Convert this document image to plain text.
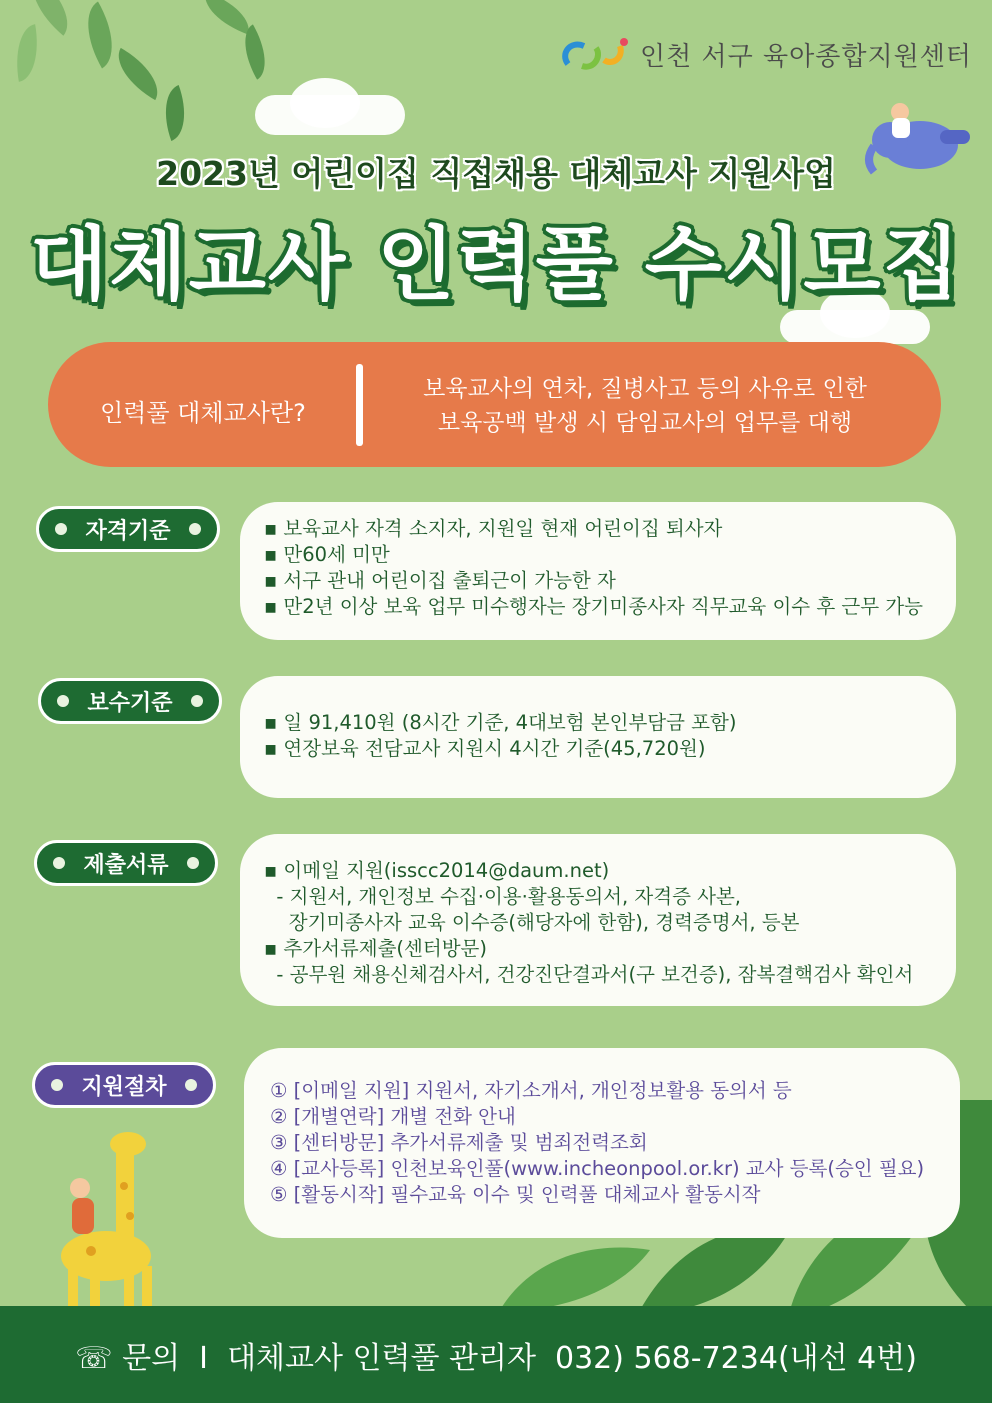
인천 서구 육아종합지원센터
2023년 어린이집 직접채용 대체교사 지원사업
대체교사 인력풀 수시모집
인력풀 대체교사란?
보육교사의 연차, 질병사고 등의 사유로 인한
보육공백 발생 시 담임교사의 업무를 대행
자격기준	▪ 보육교사 자격 소지자, 지원일 현재 어린이집 퇴사자
▪ 만60세 미만
▪ 서구 관내 어린이집 출퇴근이 가능한 자
▪ 만2년 이상 보육 업무 미수행자는 장기미종사자 직무교육 이수 후 근무 가능
보수기준
▪ 일 91,410원 (8시간 기준, 4대보험 본인부담금 포함)
▪ 연장보육 전담교사 지원시 4시간 기준(45,720원)
제출서류	▪ 이메일 지원(isscc2014@daum.net)
- 지원서, 개인정보 수집·이용·활용동의서, 자격증 사본,
장기미종사자 교육 이수증(해당자에 한함), 경력증명서, 등본
▪ 추가서류제출(센터방문)
- 공무원 채용신체검사서, 건강진단결과서(구 보건증), 잠복결핵검사 확인서
지원절차	① [이메일 지원] 지원서, 자기소개서, 개인정보활용 동의서 등
② [개별연락] 개별 전화 안내
③ [센터방문] 추가서류제출 및 범죄전력조회
④ [교사등록] 인천보육인풀(www.incheonpool.or.kr) 교사 등록(승인 필요)
⑤ [활동시작] 필수교육 이수 및 인력풀 대체교사 활동시작
☏ 문의  I  대체교사 인력풀 관리자  032) 568-7234(내선 4번)
